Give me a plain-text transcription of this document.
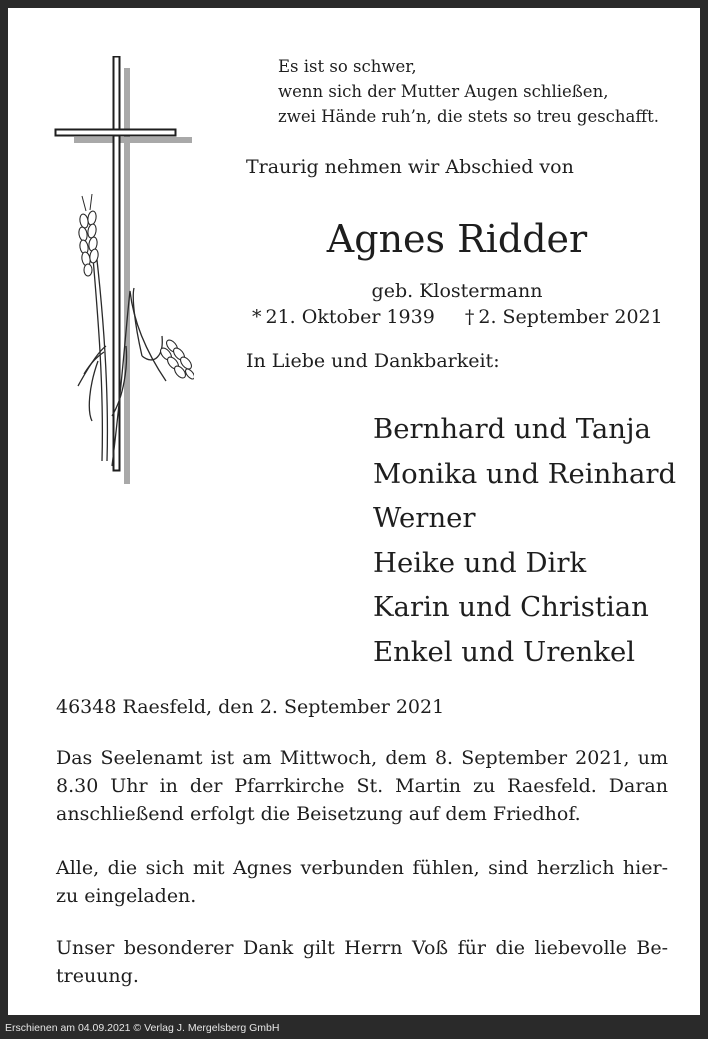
Es ist so schwer,
wenn sich der Mutter Augen schließen,
zwei Hände ruh’n, die stets so treu geschafft.
Traurig nehmen wir Abschied von
Agnes Ridder
geb. Klostermann
* 21. Oktober 1939 † 2. September 2021
In Liebe und Dankbarkeit:
Bernhard und Tanja
Monika und Reinhard
Werner
Heike und Dirk
Karin und Christian
Enkel und Urenkel
46348 Raesfeld, den 2. September 2021
Das Seelenamt ist am Mittwoch, dem 8. September 2021, um
8.30 Uhr in der Pfarrkirche St. Martin zu Raesfeld. Daran
anschließend erfolgt die Beisetzung auf dem Friedhof.
Alle, die sich mit Agnes verbunden fühlen, sind herzlich hier-
zu eingeladen.
Unser besonderer Dank gilt Herrn Voß für die liebevolle Be-
treuung.
Erschienen am 04.09.2021 © Verlag J. Mergelsberg GmbH
